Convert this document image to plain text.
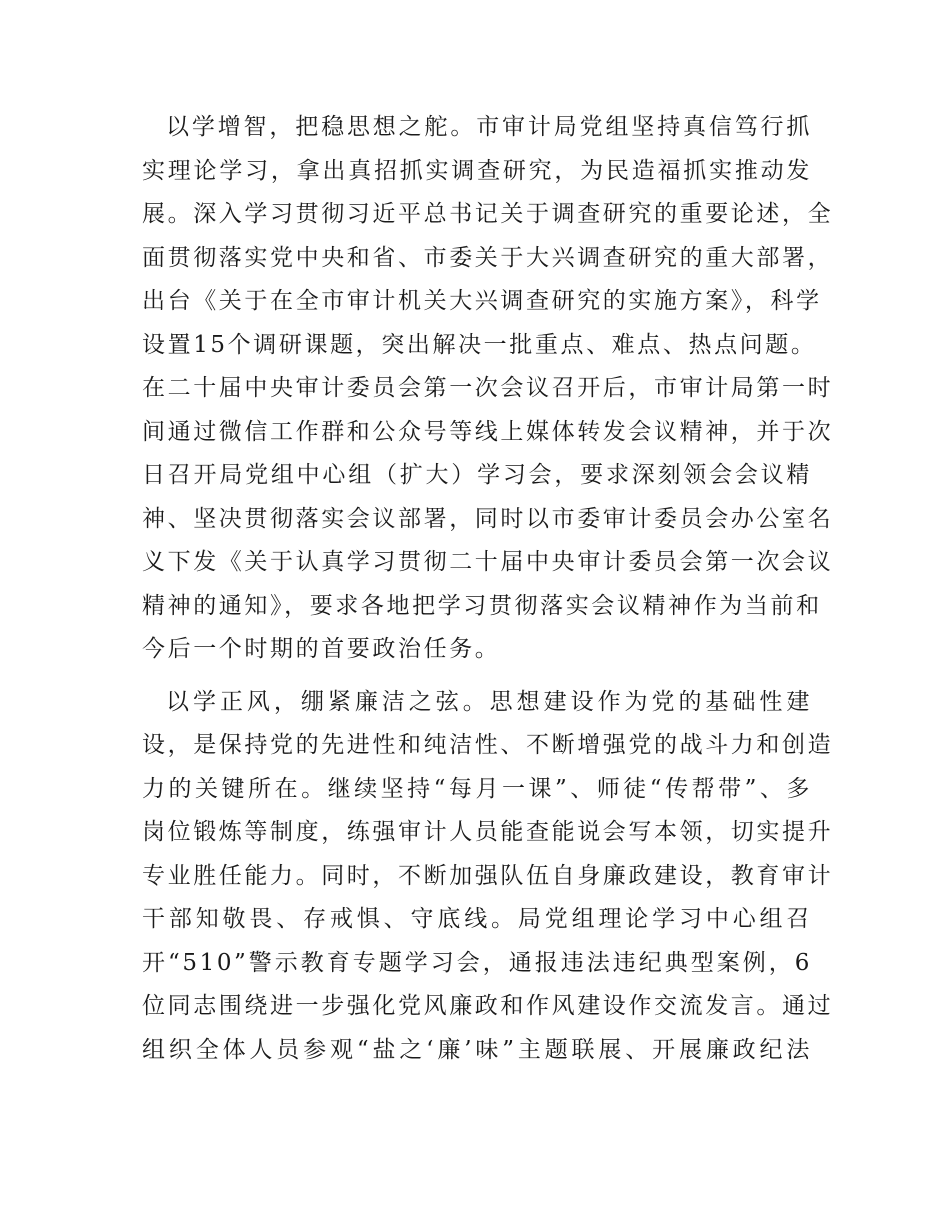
以学增智，把稳思想之舵。市审计局党组坚持真信笃行抓
实理论学习，拿出真招抓实调查研究，为民造福抓实推动发
展。深入学习贯彻习近平总书记关于调查研究的重要论述，全
面贯彻落实党中央和省、市委关于大兴调查研究的重大部署，
出台《关于在全市审计机关大兴调查研究的实施方案》，科学
设置15个调研课题，突出解决一批重点、难点、热点问题。
在二十届中央审计委员会第一次会议召开后，市审计局第一时
间通过微信工作群和公众号等线上媒体转发会议精神，并于次
日召开局党组中心组（扩大）学习会，要求深刻领会会议精
神、坚决贯彻落实会议部署，同时以市委审计委员会办公室名
义下发《关于认真学习贯彻二十届中央审计委员会第一次会议
精神的通知》，要求各地把学习贯彻落实会议精神作为当前和
今后一个时期的首要政治任务。

以学正风，绷紧廉洁之弦。思想建设作为党的基础性建
设，是保持党的先进性和纯洁性、不断增强党的战斗力和创造
力的关键所在。继续坚持“每月一课”、师徒“传帮带”、多
岗位锻炼等制度，练强审计人员能查能说会写本领，切实提升
专业胜任能力。同时，不断加强队伍自身廉政建设，教育审计
干部知敬畏、存戒惧、守底线。局党组理论学习中心组召
开“510”警示教育专题学习会，通报违法违纪典型案例，6
位同志围绕进一步强化党风廉政和作风建设作交流发言。通过
组织全体人员参观“盐之‘廉’味”主题联展、开展廉政纪法
